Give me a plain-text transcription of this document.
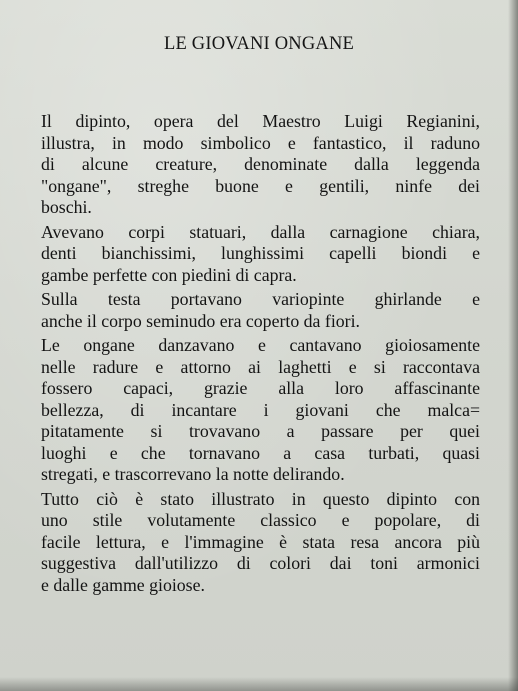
LE GIOVANI ONGANE

Il dipinto, opera del Maestro Luigi Regianini,
illustra, in modo simbolico e fantastico, il raduno
di alcune creature, denominate dalla leggenda
"ongane", streghe buone e gentili, ninfe dei
boschi.

Avevano corpi statuari, dalla carnagione chiara,
denti bianchissimi, lunghissimi capelli biondi e
gambe perfette con piedini di capra.

Sulla testa portavano variopinte ghirlande e
anche il corpo seminudo era coperto da fiori.

Le ongane danzavano e cantavano gioiosamente
nelle radure e attorno ai laghetti e si raccontava
fossero capaci, grazie alla loro affascinante
bellezza, di incantare i giovani che malca=
pitatamente si trovavano a passare per quei
luoghi e che tornavano a casa turbati, quasi
stregati, e trascorrevano la notte delirando.

Tutto ciò è stato illustrato in questo dipinto con
uno stile volutamente classico e popolare, di
facile lettura, e l'immagine è stata resa ancora più
suggestiva dall'utilizzo di colori dai toni armonici
e dalle gamme gioiose.
